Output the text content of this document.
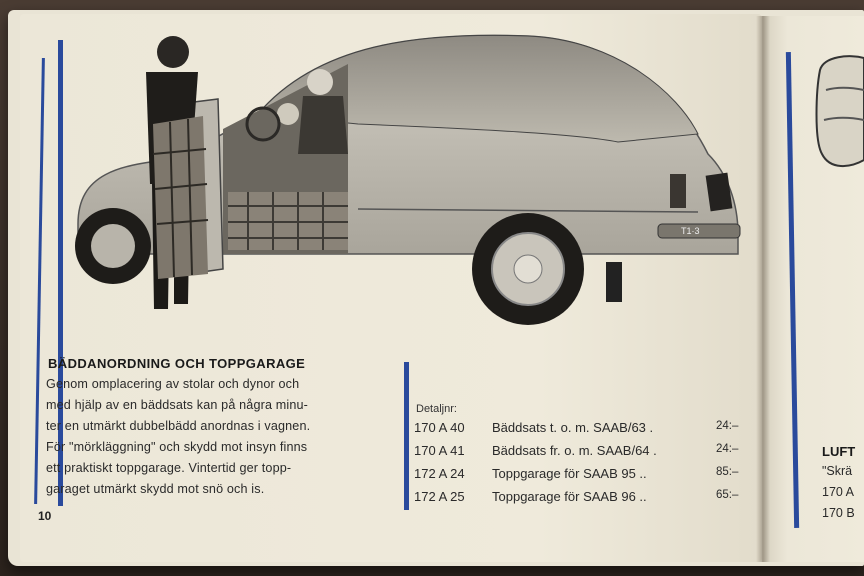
T1·3
BÄDDANORDNING OCH TOPPGARAGE
Genom omplacering av stolar och dynor och
med hjälp av en bäddsats kan på några minu-
ter en utmärkt dubbelbädd anordnas i vagnen.
För "mörkläggning" och skydd mot insyn finns
ett praktiskt toppgarage. Vintertid ger topp-
garaget utmärkt skydd mot snö och is.
10
Detaljnr:
170 A 40 Bäddsats t. o. m. SAAB/63 .	24:–
170 A 41 Bäddsats fr. o. m. SAAB/64 .	24:–
172 A 24 Toppgarage för SAAB 95 ..	85:–
172 A 25 Toppgarage för SAAB 96 ..	65:–
LUFT
"Skrä
170 A
170 B
